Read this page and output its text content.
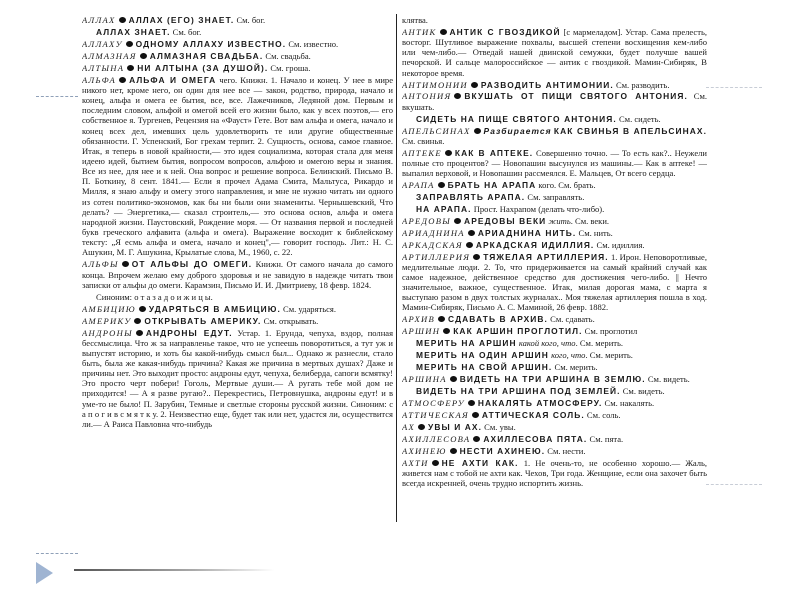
АЛЛАХ АЛЛАХ (ЕГО) ЗНАЕТ. См. бог.
АЛЛАХ ЗНАЕТ. См. бог.
АЛЛАХУ ОДНОМУ АЛЛАХУ ИЗВЕСТНО. См. известно.
АЛМАЗНАЯ АЛМАЗНАЯ СВАДЬБА. См. свадьба.
АЛТЫНА НИ АЛТЫНА (ЗА ДУШОЙ). См. гроша.
АЛЬФА АЛЬФА И ОМЕГА чего. Книжн. 1. Начало и конец. У нее в мире никого нет, кроме него, он один для нее все — закон, родство, природа, начало и конец, альфа и омега ее бытия, все, все. Лажечников, Ледяной дом. Первым и последним словом, альфой и омегой всей его жизни было, как у всех поэтов,— его собственное я. Тургенев, Рецензия на «Фауст» Гете. Вот вам альфа и омега, начало и конец всех дел, имевших цель удовлетворить те или другие общественные обязанности. Г. Успенский, Бог грехам терпит. 2. Сущность, основа, самое главное. Итак, я теперь в новой крайности,— это идея социализма, которая стала для меня идеею идей, бытием бытия, вопросом вопросов, альфою и омегою веры и знания. Все из нее, для нее и к ней. Она вопрос и решение вопроса. Белинский. Письмо В. П. Боткину, 8 сент. 1841.— Если я прочел Адама Смита, Мальтуса, Рикардо и Милля, я знаю альфу и омегу этого направления, и мне не нужно читать ни одного из сотен политико-экономов, как бы ни были они знамениты. Чернышевский, Что делать? — Энергетика,— сказал строитель,— это основа основ, альфа и омега народной жизни. Паустовский, Рождение моря. — От названия первой и последней букв греческого алфавита (альфа и омега). Выражение восходит к библейскому тексту: „Я есмь альфа и омега, начало и конец",— говорит господь. Лит.: Н. С. Ашукин, М. Г. Ашукина, Крылатые слова, М., 1960, с. 22.
АЛЬФЫ ОТ АЛЬФЫ ДО ОМЕГИ. Книжн. От самого начала до самого конца. Впрочем желаю ему доброго здоровья и не завидую в надежде читать твои записки от альфы до омеги. Карамзин, Письмо И. И. Дмитриеву, 18 февр. 1824.
Синоним: о т а з а д о и ж и ц ы.
АМБИЦИЮ УДАРЯТЬСЯ В АМБИЦИЮ. См. ударяться.
АМЕРИКУ ОТКРЫВАТЬ АМЕРИКУ. См. открывать.
АНДРОНЫ АНДРОНЫ ЕДУТ. Устар. 1. Ерунда, чепуха, вздор, полная бессмыслица. Что ж за направленье такое, что не успеешь поворотиться, а тут уж и выпустят историю, и хоть бы какой-нибудь смысл был... Однако ж разнесли, стало быть, была же какая-нибудь причина? Какая же причина в мертвых душах? Даже и причины нет. Это выходит просто: андроны едут, чепуха, белиберда, сапоги всмятку! Это просто черт побери! Гоголь, Мертвые души.— А ругать тебе мой дом не приходится! — А я разве ругаю?.. Перекрестись, Петровнушка, андроны едут! и в уме-то не было! П. Зарубин, Темные и светлые стороны русской жизни. Синоним: с а п о г и в с м я т к у. 2. Неизвестно еще, будет так или нет, удастся ли, осуществится ли.— А Раиса Павловна что-нибудь
клятва.
АНТИК АНТИК С ГВОЗДИКОЙ [с мармеладом]. Устар. Сама прелесть, восторг. Шутливое выражение похвалы, высшей степени восхищения кем-либо или чем-либо.— Отведай нашей двинской семужки, будет получше вашей печорской. И сальце малороссийское — антик с гвоздикой. Мамин-Сибиряк, В некоторое время.
АНТИМОНИИ РАЗВОДИТЬ АНТИМОНИИ. См. разводить.
АНТОНИЯ ВКУШАТЬ ОТ ПИЩИ СВЯТОГО АНТОНИЯ. См. вкушать.
СИДЕТЬ НА ПИЩЕ СВЯТОГО АНТОНИЯ. См. сидеть.
АПЕЛЬСИНАХ Разбирается КАК СВИНЬЯ В АПЕЛЬСИНАХ. См. свинья.
АПТЕКЕ КАК В АПТЕКЕ. Совершенно точно. — То есть как?.. Неужели полные сто процентов? — Новопашин высунулся из машины.— Как в аптеке! — выпалил верховой, и Новопашин рассмеялся. Е. Мальцев, От всего сердца.
АРАПА БРАТЬ НА АРАПА кого. См. брать.
ЗАПРАВЛЯТЬ АРАПА. См. заправлять.
НА АРАПА. Прост. Нахрапом (делать что-либо).
АРЕДОВЫ АРЕДОВЫ ВЕКИ жить. См. веки.
АРИАДНИНА АРИАДНИНА НИТЬ. См. нить.
АРКАДСКАЯ АРКАДСКАЯ ИДИЛЛИЯ. См. идиллия.
АРТИЛЛЕРИЯ ТЯЖЕЛАЯ АРТИЛЛЕРИЯ. 1. Ирон. Неповоротливые, медлительные люди. 2. То, что придерживается на самый крайний случай как самое надежное, действенное средство для достижения чего-либо. || Нечто значительное, важное, существенное. Итак, милая дорогая мама, с марта я выступаю разом в двух толстых журналах.. Моя тяжелая артиллерия пошла в ход. Мамин-Сибиряк, Письмо А. С. Маминой, 26 февр. 1882.
АРХИВ СДАВАТЬ В АРХИВ. См. сдавать.
АРШИН КАК АРШИН ПРОГЛОТИЛ. См. проглотил
МЕРИТЬ НА АРШИН какой кого, что. См. мерить.
МЕРИТЬ НА ОДИН АРШИН кого, что. См. мерить.
МЕРИТЬ НА СВОЙ АРШИН. См. мерить.
АРШИНА ВИДЕТЬ НА ТРИ АРШИНА В ЗЕМЛЮ. См. видеть.
ВИДЕТЬ НА ТРИ АРШИНА ПОД ЗЕМЛЕЙ. См. видеть.
АТМОСФЕРУ НАКАЛЯТЬ АТМОСФЕРУ. См. накалять.
АТТИЧЕСКАЯ АТТИЧЕСКАЯ СОЛЬ. См. соль.
АХ УВЫ И АХ. См. увы.
АХИЛЛЕСОВА АХИЛЛЕСОВА ПЯТА. См. пята.
АХИНЕЮ НЕСТИ АХИНЕЮ. См. нести.
АХТИ НЕ АХТИ КАК. 1. Не очень-то, не особенно хорошо.— Жаль, живется нам с тобой не ахти как. Чехов, Три года. Женщине, если она захочет быть всегда искренней, очень трудно испортить жизнь.
